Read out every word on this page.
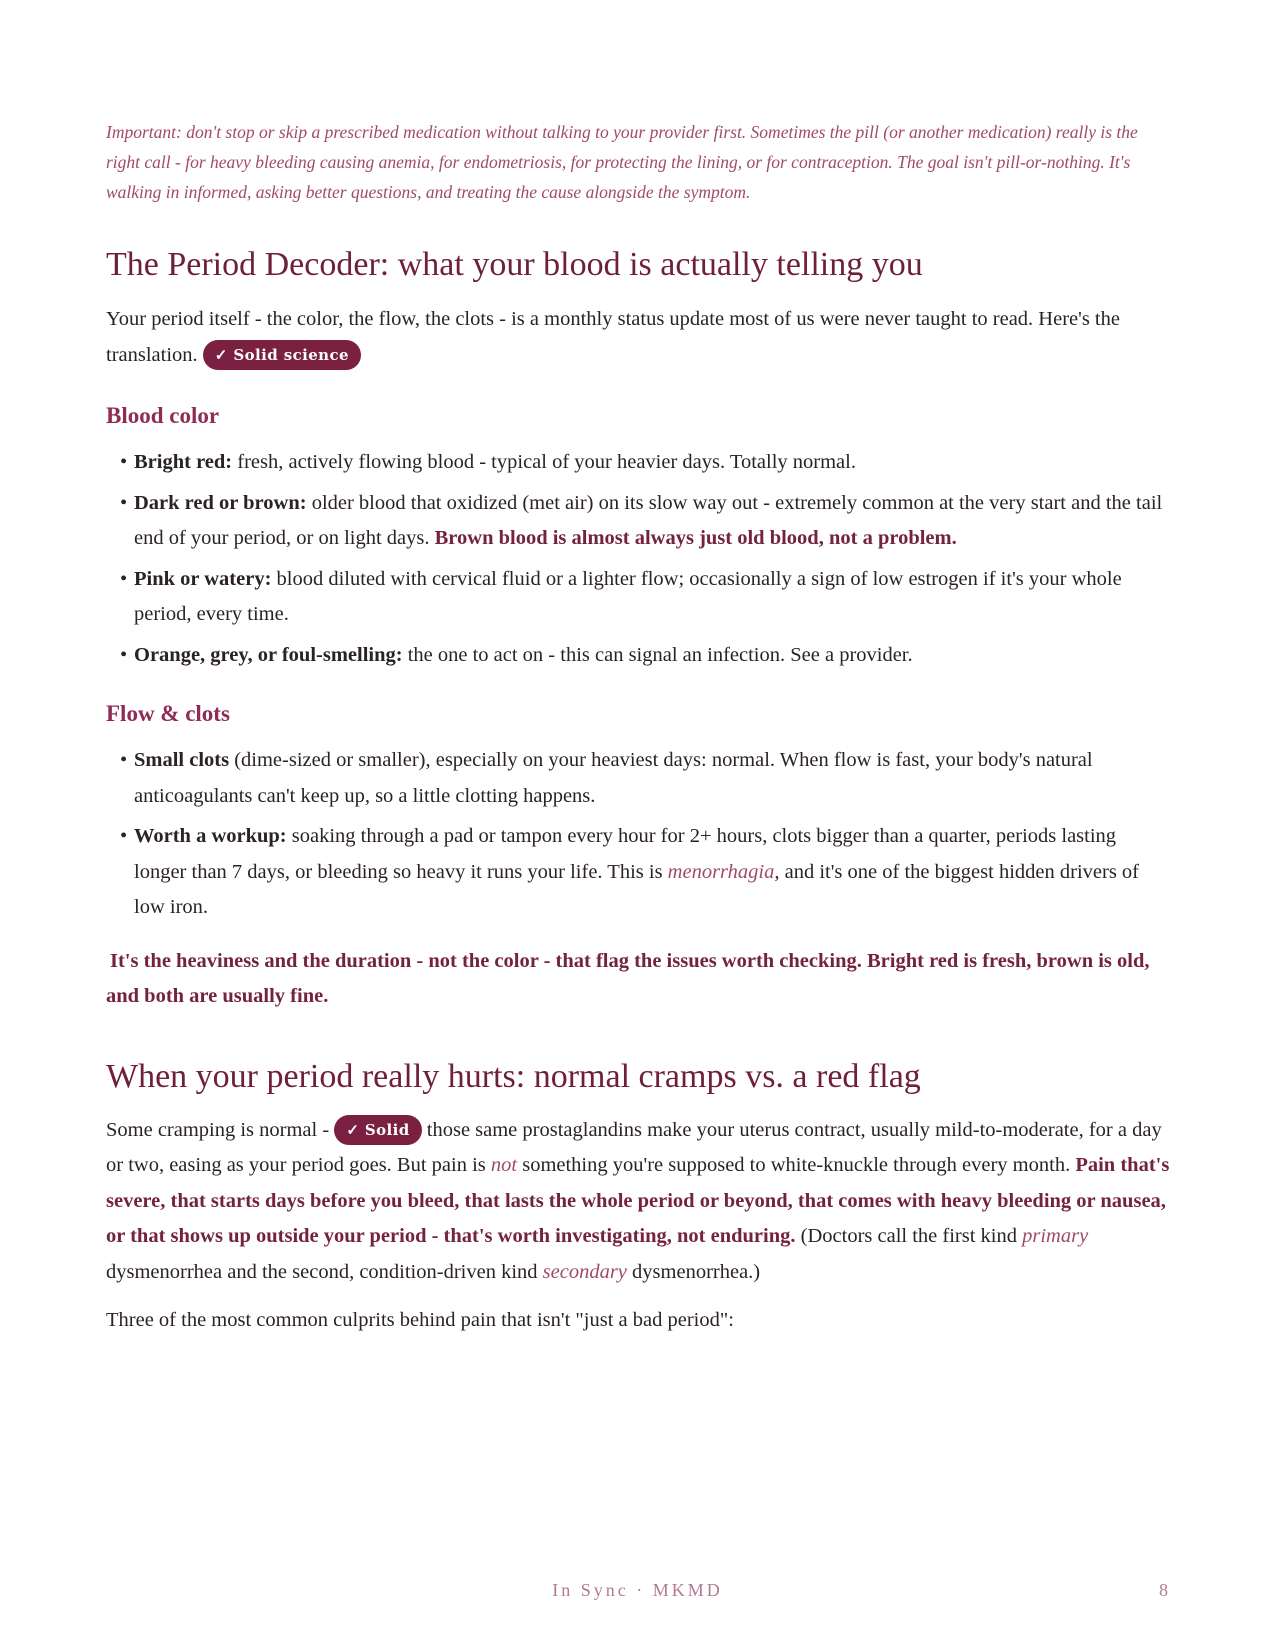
Important: don't stop or skip a prescribed medication without talking to your provider first. Sometimes the pill (or another medication) really is the right call - for heavy bleeding causing anemia, for endometriosis, for protecting the lining, or for contraception. The goal isn't pill-or-nothing. It's walking in informed, asking better questions, and treating the cause alongside the symptom.

The Period Decoder: what your blood is actually telling you

Your period itself - the color, the flow, the clots - is a monthly status update most of us were never taught to read. Here's the translation. ✓ Solid science

Blood color
• Bright red: fresh, actively flowing blood - typical of your heavier days. Totally normal.
• Dark red or brown: older blood that oxidized (met air) on its slow way out - extremely common at the very start and the tail end of your period, or on light days. Brown blood is almost always just old blood, not a problem.
• Pink or watery: blood diluted with cervical fluid or a lighter flow; occasionally a sign of low estrogen if it's your whole period, every time.
• Orange, grey, or foul-smelling: the one to act on - this can signal an infection. See a provider.
Flow & clots
• Small clots (dime-sized or smaller), especially on your heaviest days: normal. When flow is fast, your body's natural anticoagulants can't keep up, so a little clotting happens.
• Worth a workup: soaking through a pad or tampon every hour for 2+ hours, clots bigger than a quarter, periods lasting longer than 7 days, or bleeding so heavy it runs your life. This is menorrhagia, and it's one of the biggest hidden drivers of low iron.

It's the heaviness and the duration - not the color - that flag the issues worth checking. Bright red is fresh, brown is old, and both are usually fine.

When your period really hurts: normal cramps vs. a red flag

Some cramping is normal - ✓ Solid those same prostaglandins make your uterus contract, usually mild-to-moderate, for a day or two, easing as your period goes. But pain is not something you're supposed to white-knuckle through every month. Pain that's severe, that starts days before you bleed, that lasts the whole period or beyond, that comes with heavy bleeding or nausea, or that shows up outside your period - that's worth investigating, not enduring. (Doctors call the first kind primary dysmenorrhea and the second, condition-driven kind secondary dysmenorrhea.)

Three of the most common culprits behind pain that isn't "just a bad period":

In Sync · MKMD	8
